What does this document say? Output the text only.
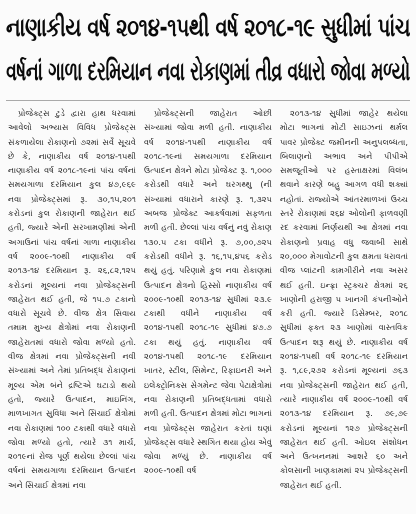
નાણાકીય વર્ષ ૨૦૧૪-૧૫થી વર્ષ ૨૦૧૮-૧૯ સુધીમાં પાંચ
વર્ષનાં ગાળા દરમિયાન નવા રોકાણમાં તીવ્ર વધારો જોવા મળ્યો

પ્રોજેક્ટ્સ ટુડે દ્વારા હાથ ધરવામાં આવેલો અભ્યાસ વિવિધ પ્રોજેક્ટ્સ સંકળાયેલા રોકાણનો ૭૨માં સર્વે સૂચવે છે કે, નાણાકીય વર્ષ ૨૦૧૪-૧૫થી નાણાકીય વર્ષ ૨૦૧૮-૧૯નાં પાંચ વર્ષનાં સમયગાળા દરમિયાન કુલ ૪૭,૯૬૯ નવા પ્રોજેક્ટ્સમાં રૂ. ૩૦,૧૫,૨૦૧ કરોડનાં કુલ રોકાણની જાહેરાત થઈ હતી, જ્યારે એની સરખામણીમાં એની અગાઉનાં પાંચ વર્ષનાં ગાળા નાણાકીય વર્ષ ૨૦૦૯-૧૦થી નાણાકીય વર્ષ ૨૦૧૩-૧૪ દરમિયાન રૂ. ૨૬,૮૨,૧૨૫ કરોડનાં મૂલ્યનાં નવા પ્રોજેક્ટ્સની જાહેરાત થઈ હતી, જે ૧૫.૭ ટકાનો વધારો સૂચવે છે. વીજ ક્ષેત્ર સિવાય તમામ મુખ્ય ક્ષેત્રોમાં નવા રોકાણની જાહેરાતમાં વધારો જોવા મળ્યો હતો. વીજ ક્ષેત્રમાં નવા પ્રોજેક્ટ્સની નવી સંખ્યામાં અને તેમાં પ્રતિબદ્ધ રોકાણનાં મૂલ્ય એમ બંને દ્રષ્ટિએ ઘટાડો થયો હતો, જ્યારે ઉત્પાદન, માઇનિંગ, માળખાગત સુવિધા અને સિંચાઈ ક્ષેત્રોમાં નવા રોકાણમાં ૧૦૦ ટકાથી વધારે વધારો જોવા મળ્યો હતો, ત્યારે ૩૧ માર્ચ, ૨૦૧૯નાં રોજ પૂર્ણ થયેલા છેલ્લાં પાંચ વર્ષનાં સમયગાળા દરમિયાન ઉત્પાદન અને સિંચાઈ ક્ષેત્રમાં નવા

પ્રોજેક્ટ્સની જાહેરાત ઓછી સંખ્યામાં જોવા મળી હતી. નાણાકીય વર્ષ ૨૦૧૪-૧૫થી નાણાકીય વર્ષ ૨૦૧૮-૧૯નાં સમયગાળા દરમિયાન ઉત્પાદન ક્ષેત્રને મોટા પ્રોજેક્ટ રૂ. ૧,૦૦૦ કરોડથી વધારે અને ઘરગથ્થુ (ની સંખ્યામાં વધારાને કારણે રૂ. ૧,૩૨૫ અબજ પ્રોજેક્ટ આકર્ષવામાં સફળતા મળી હતી. છેલ્લાં પાંચ વર્ષનું નવું રોકાણ ૧૩૦.૫ ટકા વધીને રૂ. ૭,૦૦,૭૨૫ કરોડથી વધીને રૂ. ૧૬,૧૫,૪૫૬ કરોડ થયું હતું. પરિણામે કુલ નવા રોકાણમાં ઉત્પાદન ક્ષેત્રનો હિસ્સો નાણાકીય વર્ષ ૨૦૦૯-૧૦થી ૨૦૧૩-૧૪ સુધીમાં ૨૩.૯ ટકાથી વધીને નાણાકીય વર્ષ ૨૦૧૪-૧૫થી ૨૦૧૮-૧૯ સુધીમાં ૪૭.૭ ટકા થયું હતું. નાણાકીય વર્ષ ૨૦૧૪-૧૫થી ૨૦૧૮-૧૯ દરમિયાન ખાતર, સ્ટીલ, સિમેન્ટ, રિફાઇનરી અને ઇલેક્ટ્રોનિક્સ સેગમેન્ટ જેવા પેટાક્ષેત્રોમાં નવા રોકાણની પ્રતિબદ્ધતામાં વધારો મળી હતી. ઉત્પાદન ક્ષેત્રમાં મોટા ભાગનાં નવા પ્રોજેક્ટ્સ જાહેરાત કરતાં ઘણાં પ્રોજેક્ટ્સ વધારે સ્થગિત થયા હોય એવું જોવા મળ્યું છે. નાણાકીય વર્ષ ૨૦૦૯-૧૦થી વર્ષ

૨૦૧૩-૧૪ સુધીમાં જાહેર થયેલા મોટા ભાગનાં મોટી સાઇઝનાં થર્મલ પાવર પ્રોજેક્ટ જમીનની અનુપલબ્ધતા, બિલાણનો અભાવ અને પીપીએ સમજૂતીઓ પર હસ્તાક્ષરમાં વિલંબ થવાને કારણે બહુ આગળ વધી શક્યાં નહોતાં. રાજ્યોએ આંતરમાળખાં ઉચ્ચ સ્તરે રોકાણમાં ૨૬૪ ઓલોની ફાળવણી રદ કરવામાં નિર્ણયથી આ ક્ષેત્રમાં નવા રોકાણનો પ્રવાહ વધુ જવાબી સાથે ૨૦,૦૦૦ મેગાવોટની કુલ ક્ષમતા ધરાવતાં વીજ પ્લાંટની કામગીરીને નવા અસર થઈ હતી. ઇન્ફ્રા સ્ટ્રક્ચર ક્ષેત્રમાં ૨૬ ખાણોની હરાજી ૫ ખાનગી કંપનીઓને કરી હતી. જ્યારે ડિસેમ્બર, ૨૦૧૮ સુધીમાં ફક્ત ૨૩ ખાણોમાં વાસ્તવિક ઉત્પાદન શરૂ થયું છે. નાણાકીય વર્ષ ૨૦૧૪-૧૫થી વર્ષ ૨૦૧૮-૧૯ દરમિયાન રૂ. ૧,૮૯,૨૭૨ કરોડનાં મૂલ્યનાં ૭૬૩ નવા પ્રોજેક્ટ્સની જાહેરાત થઈ હતી, ત્યારે નાણાકીય વર્ષ ૨૦૦૯-૧૦થી વર્ષ ૨૦૧૩-૧૪ દરમિયાન રૂ. ૭૯,૭૯ કરોડનાં મૂલ્યનાં ૧૨૭ પ્રોજેક્ટ્સની જાહેરાત થઈ હતી. ઓઇલ સંશોધન અને ઉત્ખનનમાં આશરે ૬૦ અને કોલસાની ખાણકામમાં ૨૫ પ્રોજેક્ટ્સની જાહેરાત થઈ હતી.
